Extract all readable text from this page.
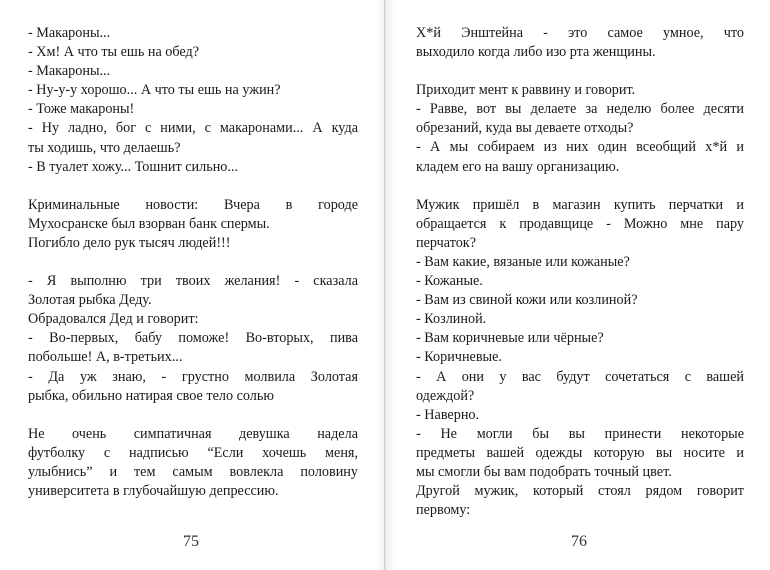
- Макароны...
- Хм! А что ты ешь на обед?
- Макароны...
- Ну-у-у хорошо... А что ты ешь на ужин?
- Тоже макароны!
- Ну ладно, бог с ними, с макаронами... А куда
ты ходишь, что делаешь?
- В туалет хожу... Тошнит сильно...
Криминальные новости: Вчера в городе
Мухосранске был взорван банк спермы.
Погибло дело рук тысяч людей!!!
- Я выполню три твоих желания! - сказала
Золотая рыбка Деду.
Обрадовался Дед и говорит:
- Во-первых, бабу поможе! Во-вторых, пива
побольше! А, в-третьих...
- Да уж знаю, - грустно молвила Золотая
рыбка, обильно натирая свое тело солью
Не очень симпатичная девушка надела
футболку с надписью “Если хочешь меня,
улыбнись” и тем самым вовлекла половину
университета в глубочайшую депрессию.
75
Х*й Энштейна - это самое умное, что
выходило когда либо изо рта женщины.
Приходит мент к раввину и говорит.
- Равве, вот вы делаете за неделю более десяти
обрезаний, куда вы деваете отходы?
- А мы собираем из них один всеобщий х*й и
кладем его на вашу организацию.
Мужик пришёл в магазин купить перчатки и
обращается к продавщице - Можно мне пару
перчаток?
- Вам какие, вязаные или кожаные?
- Кожаные.
- Вам из свиной кожи или козлиной?
- Козлиной.
- Вам коричневые или чёрные?
- Коричневые.
- А они у вас будут сочетаться с вашей
одеждой?
- Наверно.
- Не могли бы вы принести некоторые
предметы вашей одежды которую вы носите и
мы смогли бы вам подобрать точный цвет.
Другой мужик, который стоял рядом говорит
первому:
76
